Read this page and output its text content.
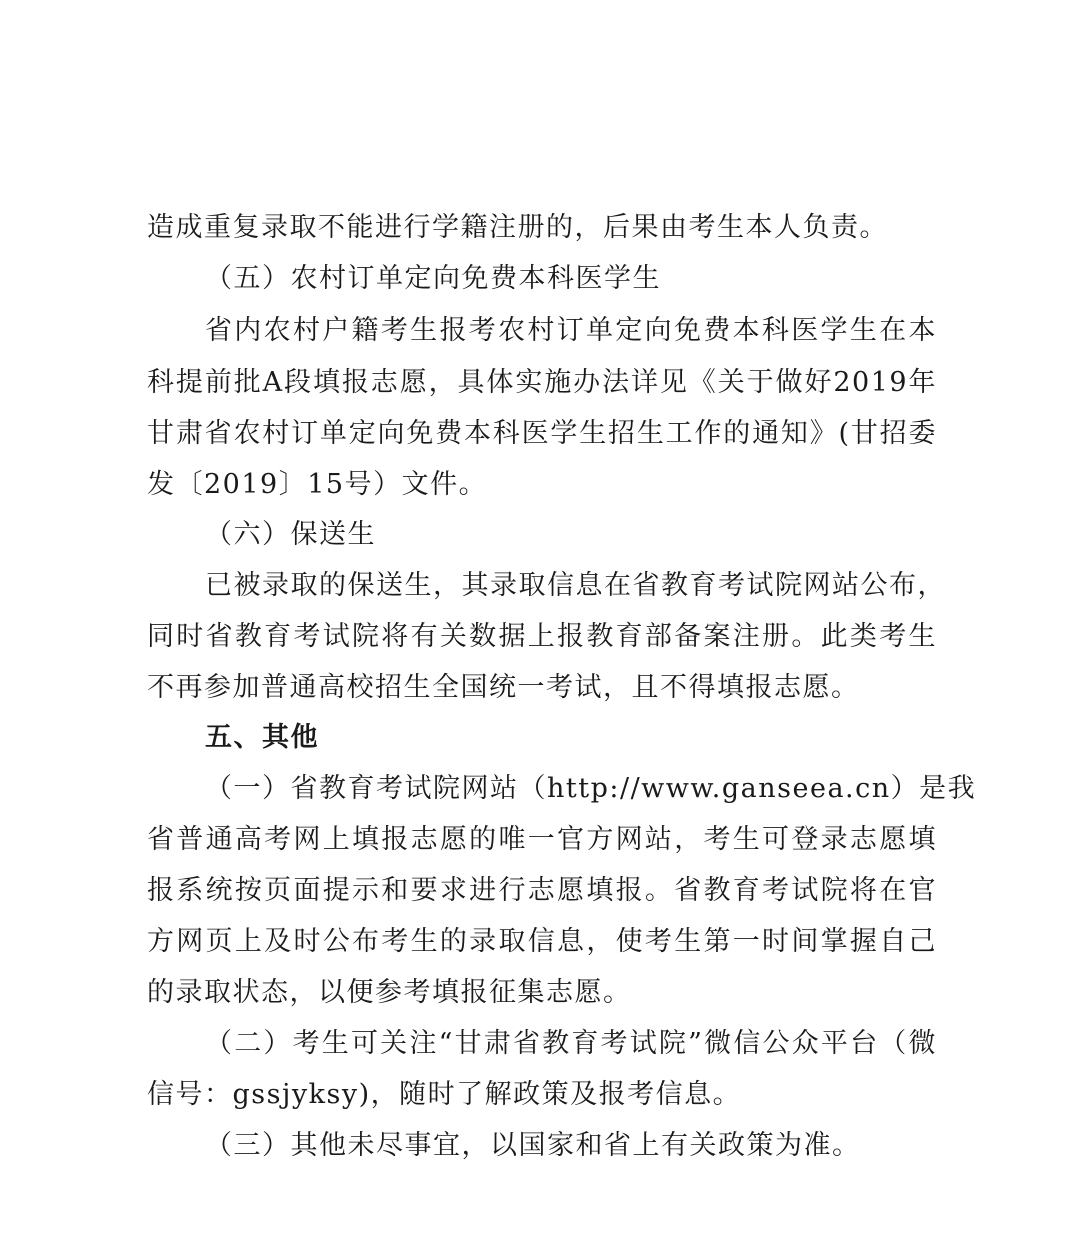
造成重复录取不能进行学籍注册的，后果由考生本人负责。
（五）农村订单定向免费本科医学生
省内农村户籍考生报考农村订单定向免费本科医学生在本
科提前批A段填报志愿，具体实施办法详见《关于做好2019年
甘肃省农村订单定向免费本科医学生招生工作的通知》(甘招委
发〔2019〕15号）文件。
（六）保送生
已被录取的保送生，其录取信息在省教育考试院网站公布，
同时省教育考试院将有关数据上报教育部备案注册。此类考生
不再参加普通高校招生全国统一考试，且不得填报志愿。
五、其他
（一）省教育考试院网站（http://www.ganseea.cn）是我
省普通高考网上填报志愿的唯一官方网站，考生可登录志愿填
报系统按页面提示和要求进行志愿填报。省教育考试院将在官
方网页上及时公布考生的录取信息，使考生第一时间掌握自己
的录取状态，以便参考填报征集志愿。
（二）考生可关注“甘肃省教育考试院”微信公众平台（微
信号：gssjyksy)，随时了解政策及报考信息。
（三）其他未尽事宜，以国家和省上有关政策为准。
